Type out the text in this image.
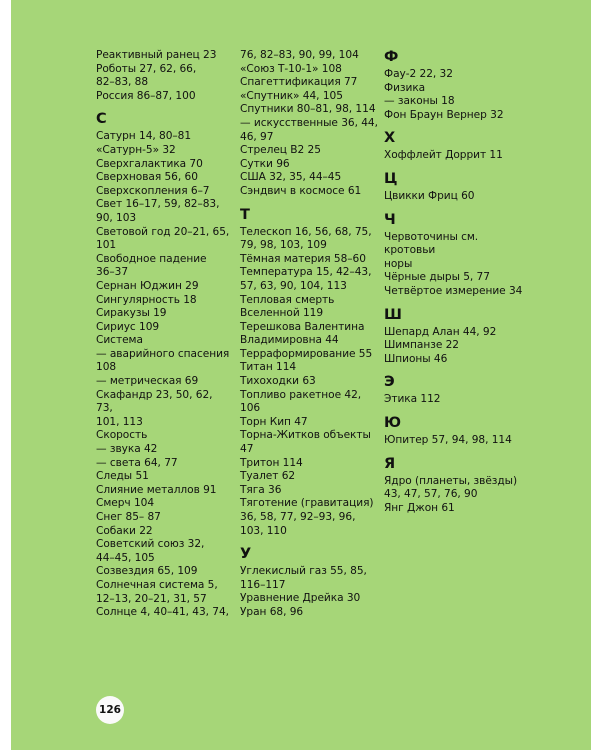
Реактивный ранец 23
Роботы 27, 62, 66,
82–83, 88
Россия 86–87, 100
С
Сатурн 14, 80–81
«Сатурн-5» 32
Сверхгалактика 70
Сверхновая 56, 60
Сверхскопления 6–7
Свет 16–17, 59, 82–83,
90, 103
Световой год 20–21, 65,
101
Свободное падение
36–37
Сернан Юджин 29
Сингулярность 18
Сиракузы 19
Сириус 109
Система
— аварийного спасения
108
— метрическая 69
Скафандр 23, 50, 62, 73,
101, 113
Скорость
— звука 42
— света 64, 77
Следы 51
Слияние металлов 91
Смерч 104
Снег 85– 87
Собаки 22
Советский союз 32,
44–45, 105
Созвездия 65, 109
Солнечная система 5,
12–13, 20–21, 31, 57
Солнце 4, 40–41, 43, 74,
76, 82–83, 90, 99, 104
«Союз Т-10-1» 108
Спагеттификация 77
«Спутник» 44, 105
Спутники 80–81, 98, 114
— искусственные 36, 44,
46, 97
Стрелец В2 25
Сутки 96
США 32, 35, 44–45
Сэндвич в космосе 61
Т
Телескоп 16, 56, 68, 75,
79, 98, 103, 109
Тёмная материя 58–60
Температура 15, 42–43,
57, 63, 90, 104, 113
Тепловая смерть
Вселенной 119
Терешкова Валентина
Владимировна 44
Терраформирование 55
Титан 114
Тихоходки 63
Топливо ракетное 42, 106
Торн Кип 47
Торна-Житков объекты 47
Тритон 114
Туалет 62
Тяга 36
Тяготение (гравитация)
36, 58, 77, 92–93, 96,
103, 110
У
Углекислый газ 55, 85,
116–117
Уравнение Дрейка 30
Уран 68, 96
Ф
Фау-2 22, 32
Физика
— законы 18
Фон Браун Вернер 32
Х
Хоффлейт Доррит 11
Ц
Цвикки Фриц 60
Ч
Червоточины см. кротовьи
норы
Чёрные дыры 5, 77
Четвёртое измерение 34
Ш
Шепард Алан 44, 92
Шимпанзе 22
Шпионы 46
Э
Этика 112
Ю
Юпитер 57, 94, 98, 114
Я
Ядро (планеты, звёзды)
43, 47, 57, 76, 90
Янг Джон 61
126
